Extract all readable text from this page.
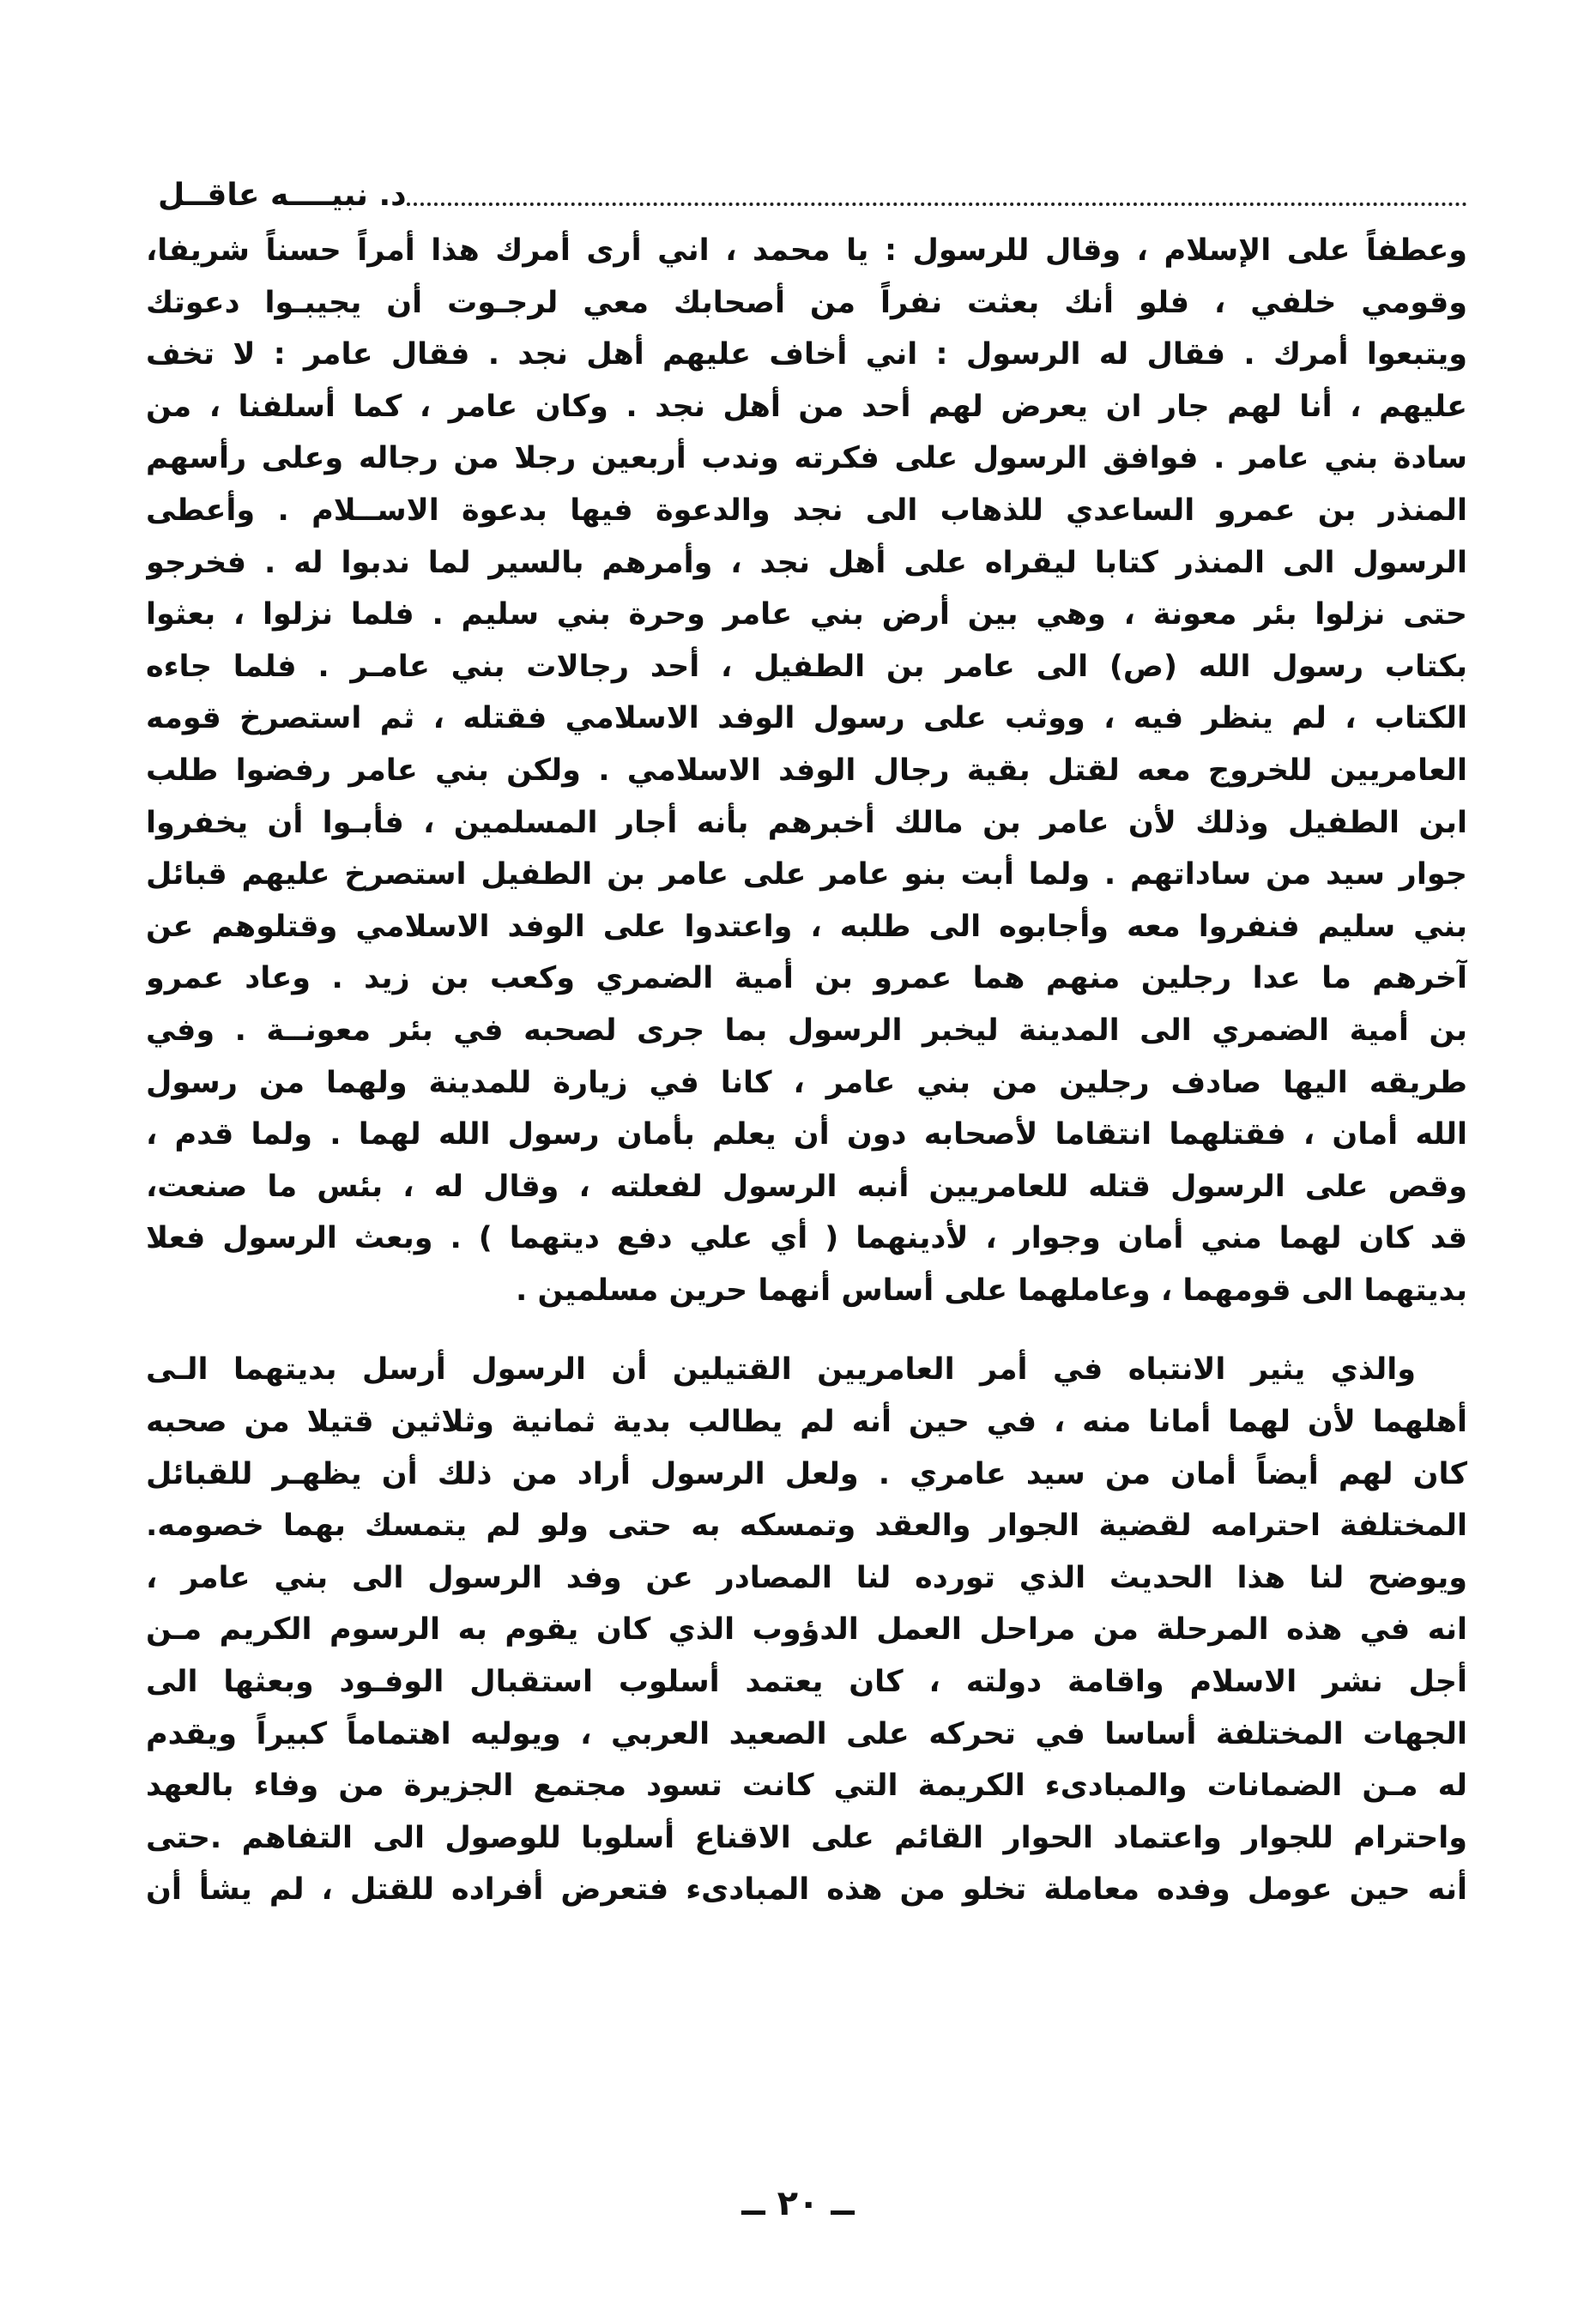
د. نبيــــه عاقــل
وعطفاً على الإسلام ، وقال للرسول : يا محمد ، اني أرى أمرك هذا أمراً حسناً شريفا،
وقومي خلفي ، فلو أنك بعثت نفراً من أصحابك معي لرجـوت أن يجيبـوا دعوتك
ويتبعوا أمرك . فقال له الرسول : اني أخاف عليهم أهل نجد . فقال عامر : لا تخف
عليهم ، أنا لهم جار ان يعرض لهم أحد من أهل نجد . وكان عامر ، كما أسلفنا ، من
سادة بني عامر . فوافق الرسول على فكرته وندب أربعين رجلا من رجاله وعلى رأسهم
المنذر بن عمرو الساعدي للذهاب الى نجد والدعوة فيها بدعوة الاســلام . وأعطى
الرسول الى المنذر كتابا ليقراه على أهل نجد ، وأمرهم بالسير لما ندبوا له . فخرجو
حتى نزلوا بئر معونة ، وهي بين أرض بني عامر وحرة بني سليم . فلما نزلوا ، بعثوا
بكتاب رسول الله (ص) الى عامر بن الطفيل ، أحد رجالات بني عامـر . فلما جاءه
الكتاب ، لم ينظر فيه ، ووثب على رسول الوفد الاسلامي فقتله ، ثم استصرخ قومه
العامريين للخروج معه لقتل بقية رجال الوفد الاسلامي . ولكن بني عامر رفضوا طلب
ابن الطفيل وذلك لأن عامر بن مالك أخبرهم بأنه أجار المسلمين ، فأبـوا أن يخفروا
جوار سيد من ساداتهم . ولما أبت بنو عامر على عامر بن الطفيل استصرخ عليهم قبائل
بني سليم فنفروا معه وأجابوه الى طلبه ، واعتدوا على الوفد الاسلامي وقتلوهم عن
آخرهم ما عدا رجلين منهم هما عمرو بن أمية الضمري وكعب بن زيد . وعاد عمرو
بن أمية الضمري الى المدينة ليخبر الرسول بما جرى لصحبه في بئر معونــة . وفي
طريقه اليها صادف رجلين من بني عامر ، كانا في زيارة للمدينة ولهما من رسول
الله أمان ، فقتلهما انتقاما لأصحابه دون أن يعلم بأمان رسول الله لهما . ولما قدم ،
وقص على الرسول قتله للعامريين أنبه الرسول لفعلته ، وقال له ، بئس ما صنعت،
قد كان لهما مني أمان وجوار ، لأدينهما ( أي علي دفع ديتهما ) . وبعث الرسول فعلا
بديتهما الى قومهما ، وعاملهما على أساس أنهما حرين مسلمين .
والذي يثير الانتباه في أمر العامريين القتيلين أن الرسول أرسل بديتهما الـى
أهلهما لأن لهما أمانا منه ، في حين أنه لم يطالب بدية ثمانية وثلاثين قتيلا من صحبه
كان لهم أيضاً أمان من سيد عامري . ولعل الرسول أراد من ذلك أن يظهـر للقبائل
المختلفة احترامه لقضية الجوار والعقد وتمسكه به حتى ولو لم يتمسك بهما خصومه.
ويوضح لنا هذا الحديث الذي تورده لنا المصادر عن وفد الرسول الى بني عامر ،
انه في هذه المرحلة من مراحل العمل الدؤوب الذي كان يقوم به الرسوم الكريم مـن
أجل نشر الاسلام واقامة دولته ، كان يعتمد أسلوب استقبال الوفـود وبعثها الى
الجهات المختلفة أساسا في تحركه على الصعيد العربي ، ويوليه اهتماماً كبيراً ويقدم
له مـن الضمانات والمبادىء الكريمة التي كانت تسود مجتمع الجزيرة من وفاء بالعهد
واحترام للجوار واعتماد الحوار القائم على الاقناع أسلوبا للوصول الى التفاهم .حتى
أنه حين عومل وفده معاملة تخلو من هذه المبادىء فتعرض أفراده للقتل ، لم يشأ أن
ــ ٢٠ ــ
